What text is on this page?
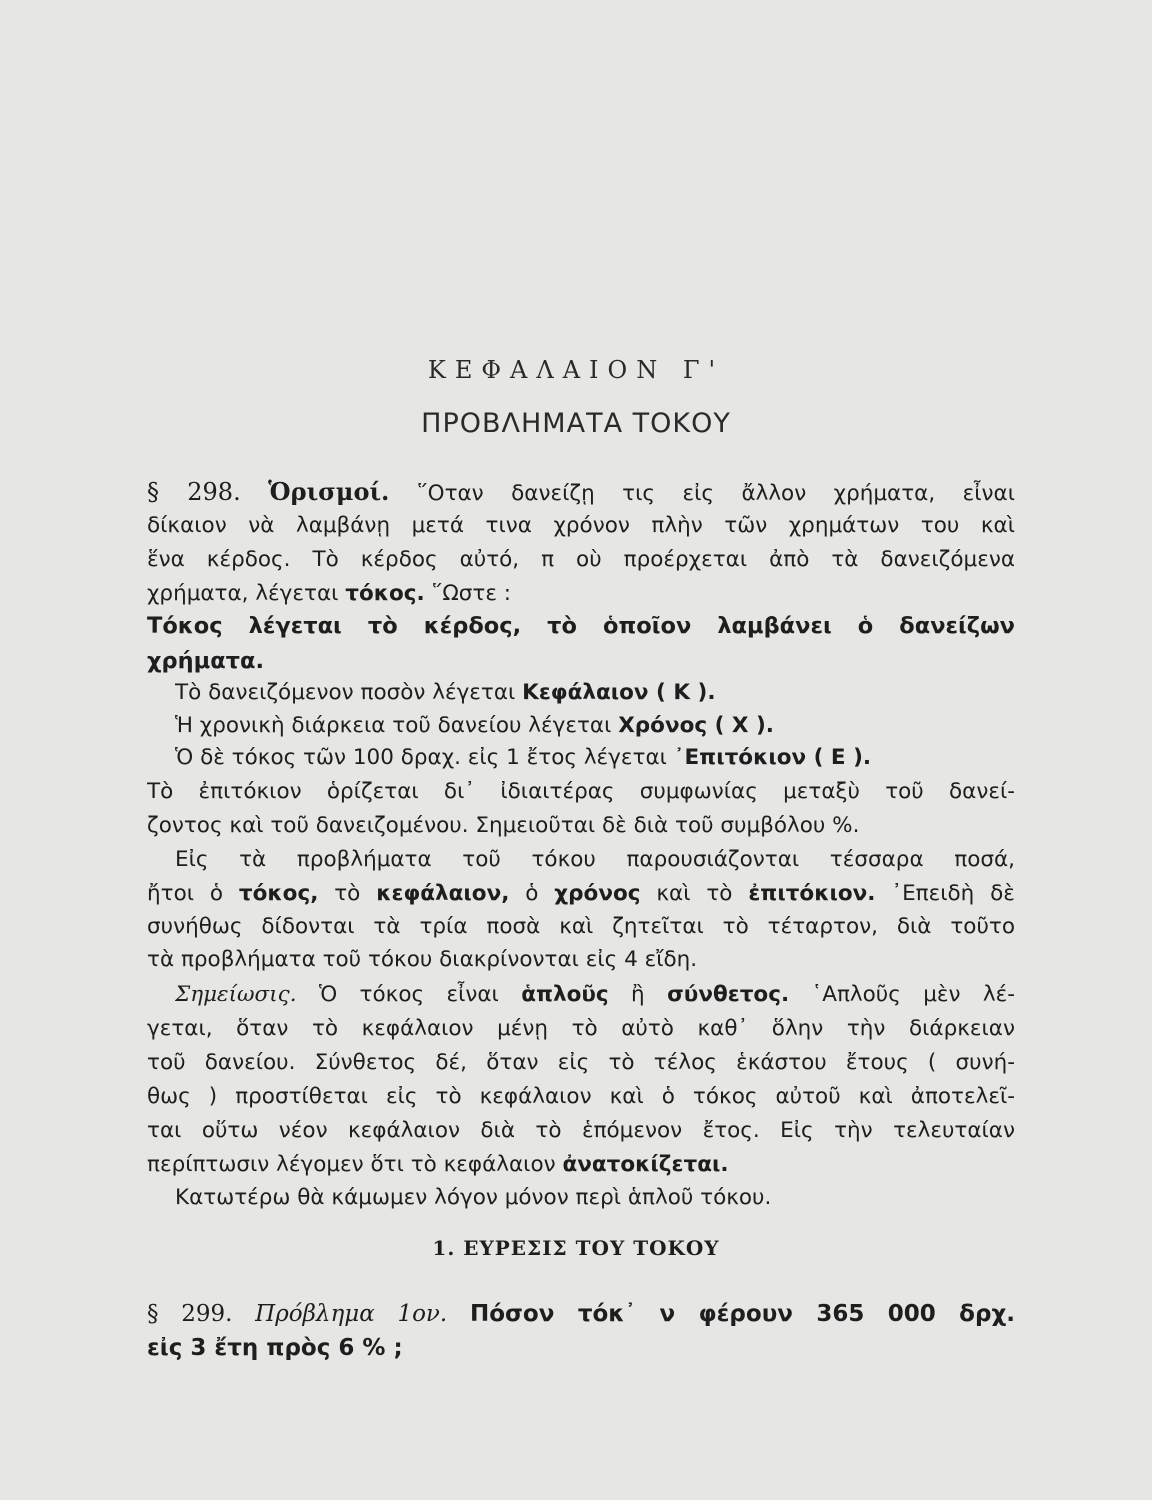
ΚΕΦΑΛΑΙΟΝ Γ'
ΠΡΟΒΛΗΜΑΤΑ ΤΟΚΟΥ
§ 298. Ὁρισμοί. ῞Οταν δανείζῃ τις εἰς ἄλλον χρήματα, εἶναι
δίκαιον νὰ λαμβάνῃ μετά τινα χρόνον πλὴν τῶν χρημάτων του καὶ
ἕνα κέρδος. Τὸ κέρδος αὐτό, π οὺ προέρχεται ἀπὸ τὰ δανειζόμενα
χρήματα, λέγεται τόκος. ῞Ωστε :
Τόκος λέγεται τὸ κέρδος, τὸ ὁποῖον λαμβάνει ὁ δανείζων
χρήματα.
Τὸ δανειζόμενον ποσὸν λέγεται Κεφάλαιον ( Κ ).
Ἡ χρονικὴ διάρκεια τοῦ δανείου λέγεται Χρόνος ( Χ ).
Ὁ δὲ τόκος τῶν 100 δραχ. εἰς 1 ἔτος λέγεται ᾿Επιτόκιον ( Ε ).
Τὸ ἐπιτόκιον ὁρίζεται δι᾿ ἰδιαιτέρας συμφωνίας μεταξὺ τοῦ δανεί-
ζοντος καὶ τοῦ δανειζομένου. Σημειοῦται δὲ διὰ τοῦ συμβόλου %.
Εἰς τὰ προβλήματα τοῦ τόκου παρουσιάζονται τέσσαρα ποσά,
ἤτοι ὁ τόκος, τὸ κεφάλαιον, ὁ χρόνος καὶ τὸ ἐπιτόκιον. ᾿Επειδὴ δὲ
συνήθως δίδονται τὰ τρία ποσὰ καὶ ζητεῖται τὸ τέταρτον, διὰ τοῦτο
τὰ προβλήματα τοῦ τόκου διακρίνονται εἰς 4 εἴδη.
Σημείωσις. Ὁ τόκος εἶναι ἁπλοῦς ἢ σύνθετος. ῾Απλοῦς μὲν λέ-
γεται, ὅταν τὸ κεφάλαιον μένῃ τὸ αὐτὸ καθ᾿ ὅλην τὴν διάρκειαν
τοῦ δανείου. Σύνθετος δέ, ὅταν εἰς τὸ τέλος ἑκάστου ἔτους ( συνή-
θως ) προστίθεται εἰς τὸ κεφάλαιον καὶ ὁ τόκος αὐτοῦ καὶ ἀποτελεῖ-
ται οὕτω νέον κεφάλαιον διὰ τὸ ἑπόμενον ἔτος. Εἰς τὴν τελευταίαν
περίπτωσιν λέγομεν ὅτι τὸ κεφάλαιον ἀνατοκίζεται.
Κατωτέρω θὰ κάμωμεν λόγον μόνον περὶ ἁπλοῦ τόκου.
1. ΕΥΡΕΣΙΣ ΤΟΥ ΤΟΚΟΥ
§ 299. Πρόβλημα 1ον. Πόσον τόκ᾿ ν φέρουν 365 000 δρχ.
εἰς 3 ἔτη πρὸς 6 % ;
